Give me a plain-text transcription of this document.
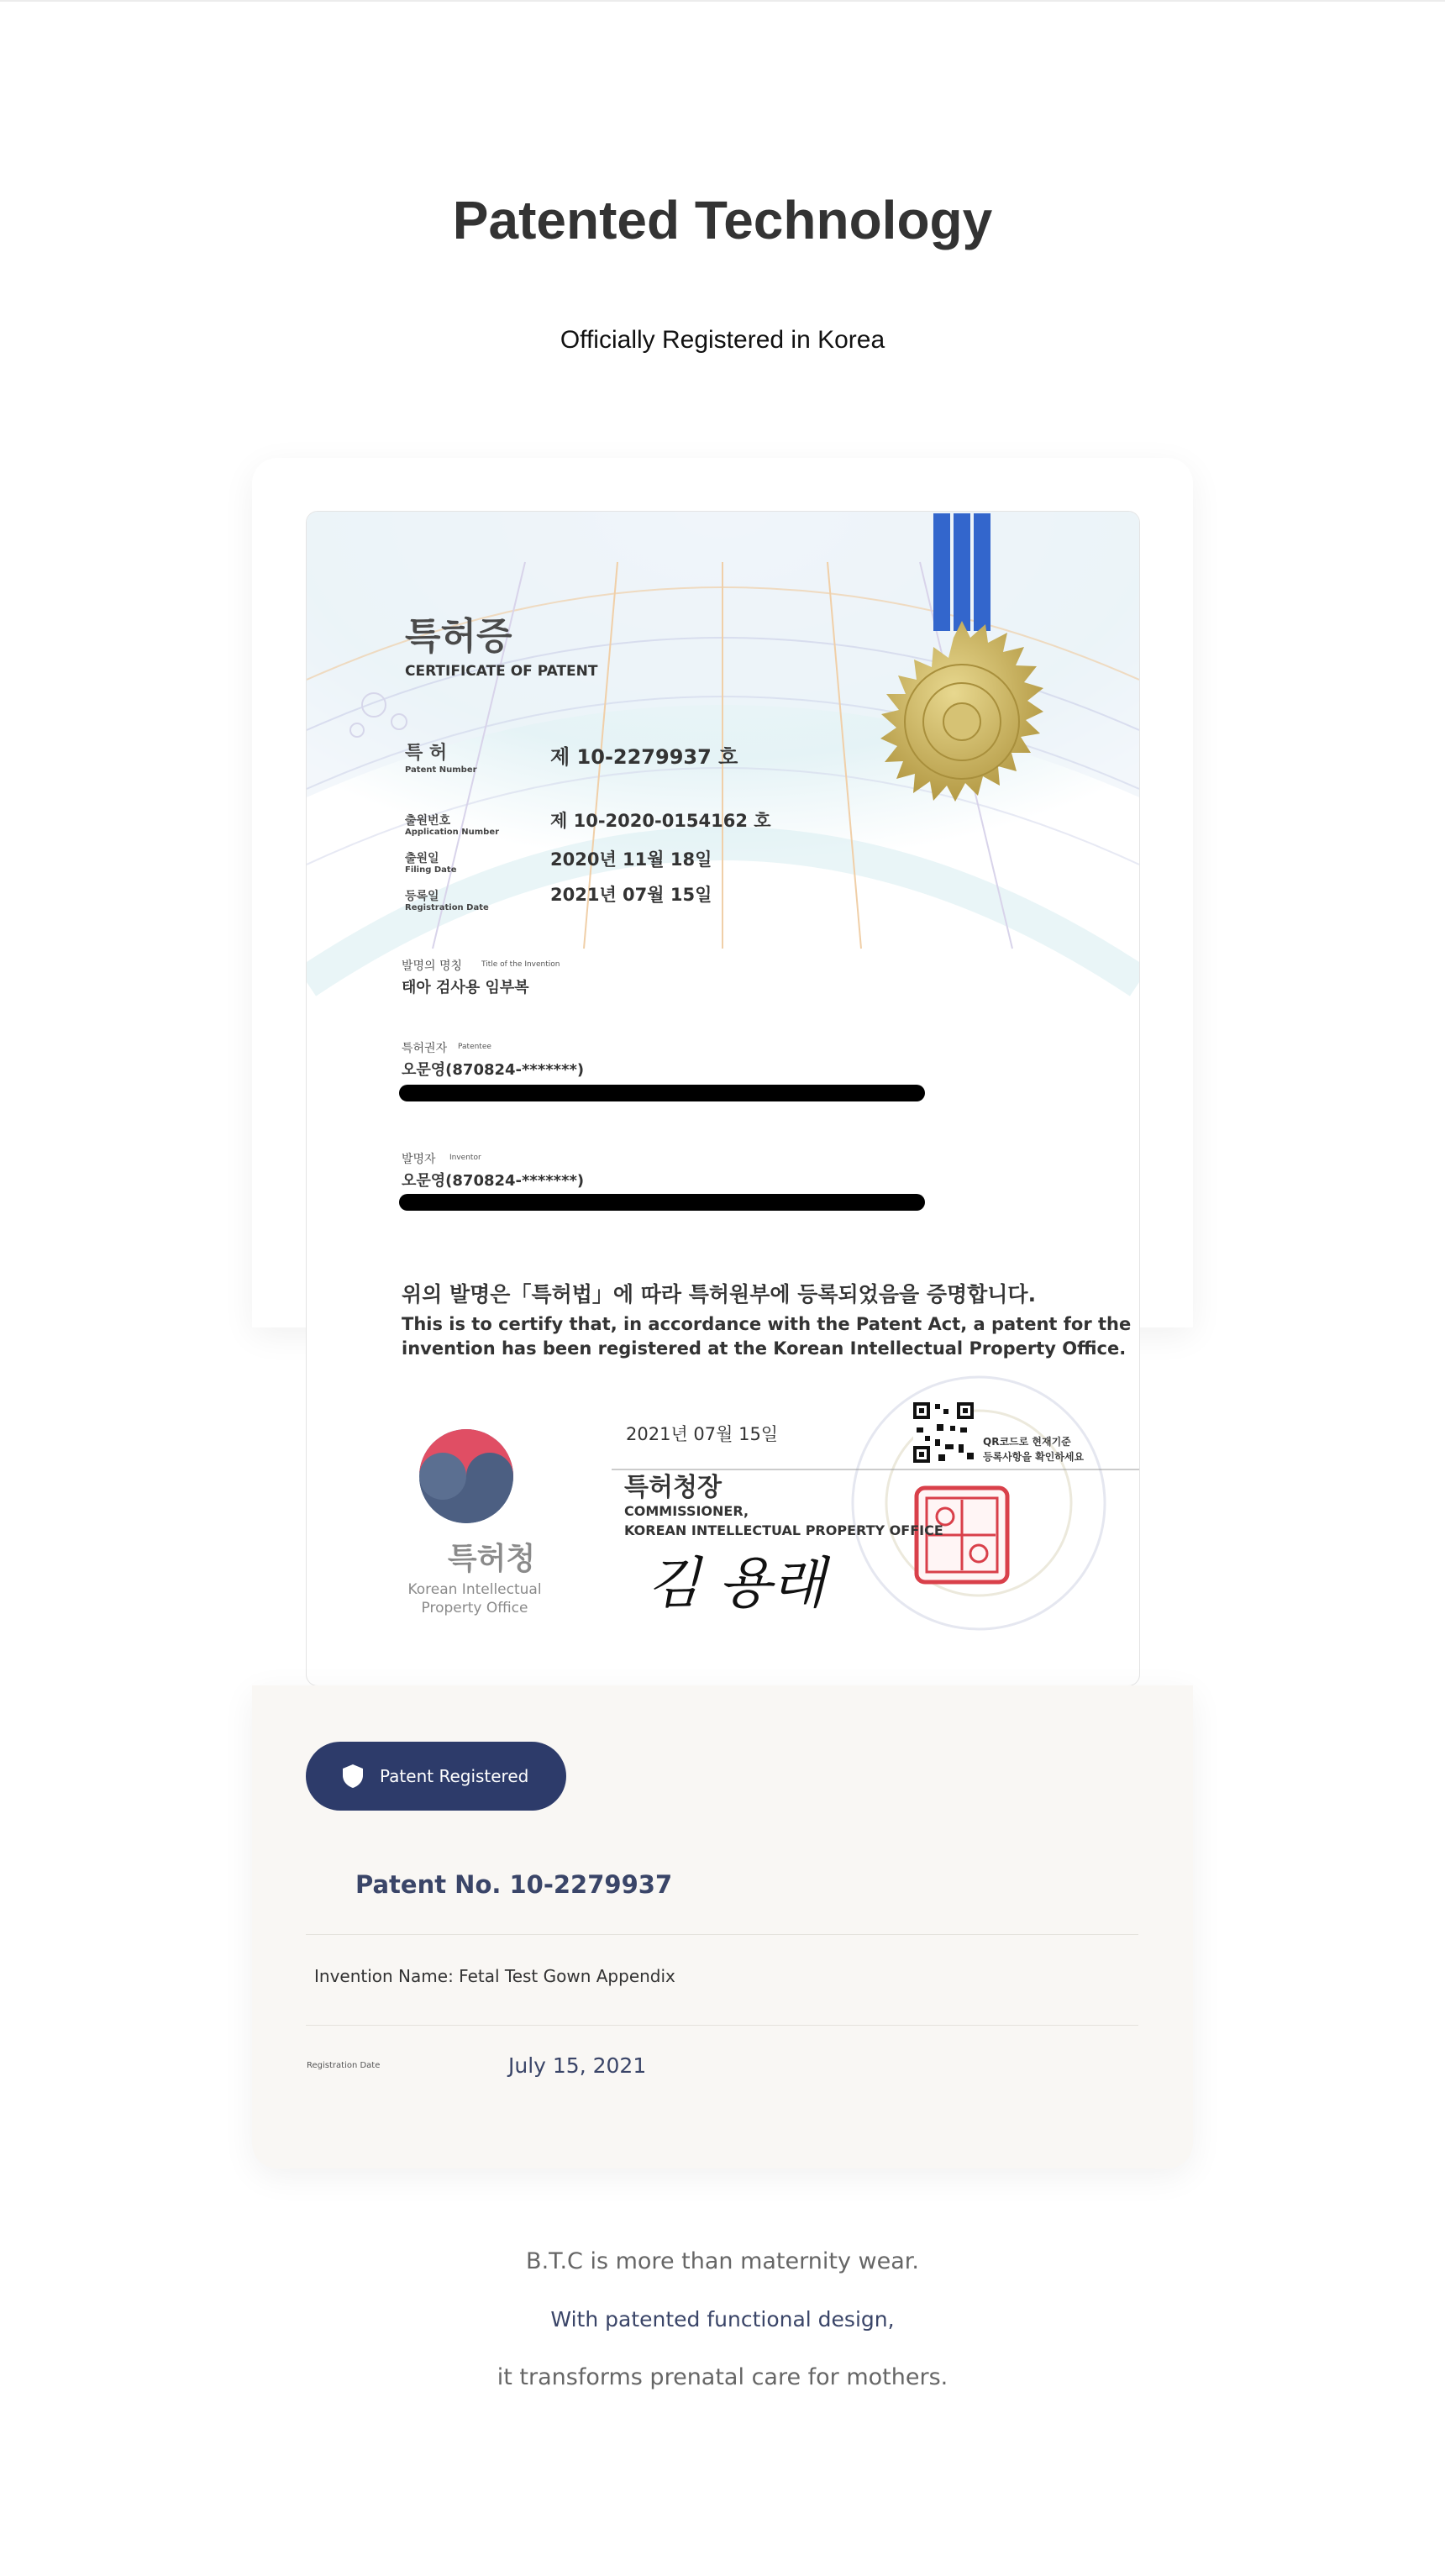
Patented Technology
Officially Registered in Korea
특허증
CERTIFICATE OF PATENT
특 허
Patent Number
제 10-2279937 호
출원번호
Application Number
제 10-2020-0154162 호
출원일
Filing Date
2020년 11월 18일
등록일
Registration Date
2021년 07월 15일
발명의 명칭	Title of the Invention
태아 검사용 임부복
특허권자 Patentee
오문영(870824-*******)
발명자 Inventor
오문영(870824-*******)
위의 발명은「특허법」에 따라 특허원부에 등록되었음을 증명합니다.
This is to certify that, in accordance with the Patent Act, a patent for the
invention has been registered at the Korean Intellectual Property Office.
2021년 07월 15일	QR코드로 현재기준
등록사항을 확인하세요
특허청장
COMMISSIONER,
KOREAN INTELLECTUAL PROPERTY OFFICE
김 용래
특허청
Korean Intellectual
Property Office
Patent Registered
Patent No. 10-2279937
Invention Name: Fetal Test Gown Appendix
Registration Date	July 15, 2021
B.T.C is more than maternity wear.
With patented functional design,
it transforms prenatal care for mothers.
